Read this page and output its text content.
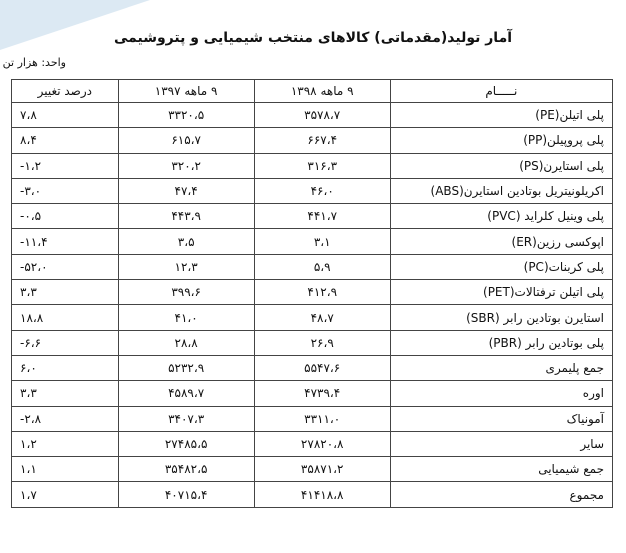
آمار تولید(مقدماتی) کالاهای منتخب شیمیایی و پتروشیمی
واحد: هزار تن
نـــــام	۹ ماهه ۱۳۹۸	۹ ماهه ۱۳۹۷	درصد تغییر
پلی اتیلن(PE)	۳۵۷۸،۷	۳۳۲۰،۵	۷،۸
پلی پروپیلن(PP)	۶۶۷،۴	۶۱۵،۷	۸،۴
پلی استایرن(PS)	۳۱۶،۳	۳۲۰،۲	-۱،۲
اکریلونیتریل بوتادین استایرن(ABS)	۴۶،۰	۴۷،۴	-۳،۰
پلی وینیل کلراید (PVC)	۴۴۱،۷	۴۴۳،۹	-۰،۵
اپوکسی رزین(ER)	۳،۱	۳،۵	-۱۱،۴
پلی کربنات(PC)	۵،۹	۱۲،۳	-۵۲،۰
پلی اتیلن ترفتالات(PET)	۴۱۲،۹	۳۹۹،۶	۳،۳
استایرن بوتادین رابر (SBR)	۴۸،۷	۴۱،۰	۱۸،۸
پلی بوتادین رابر (PBR)	۲۶،۹	۲۸،۸	-۶،۶
جمع پلیمری	۵۵۴۷،۶	۵۲۳۲،۹	۶،۰
اوره	۴۷۳۹،۴	۴۵۸۹،۷	۳،۳
آمونیاک	۳۳۱۱،۰	۳۴۰۷،۳	-۲،۸
سایر	۲۷۸۲۰،۸	۲۷۴۸۵،۵	۱،۲
جمع شیمیایی	۳۵۸۷۱،۲	۳۵۴۸۲،۵	۱،۱
مجموع	۴۱۴۱۸،۸	۴۰۷۱۵،۴	۱،۷
